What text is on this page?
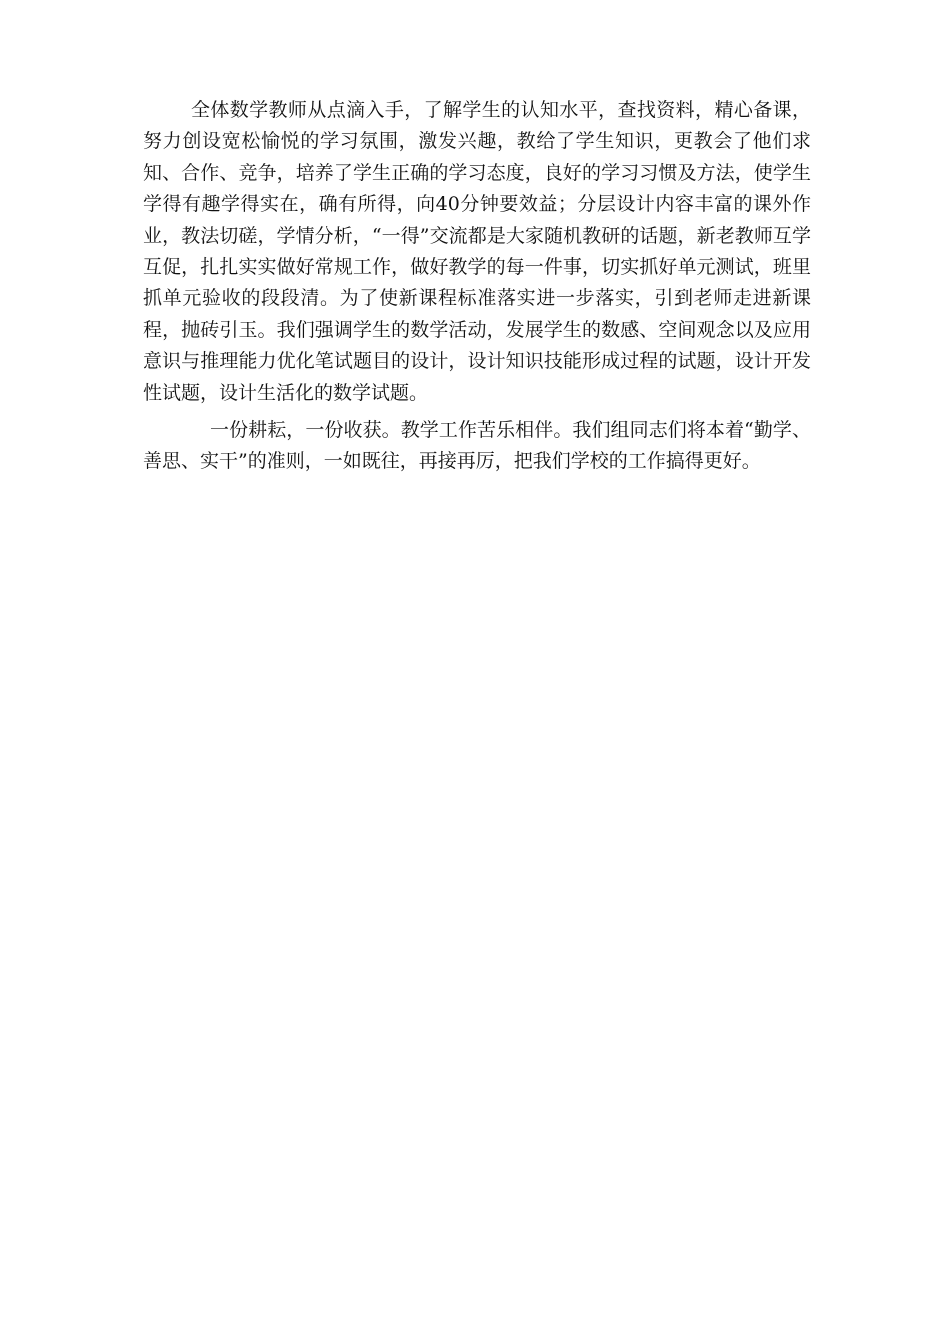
全体数学教师从点滴入手，了解学生的认知水平，查找资料，精心备课，努力创设宽松愉悦的学习氛围，激发兴趣，教给了学生知识，更教会了他们求知、合作、竞争，培养了学生正确的学习态度，良好的学习习惯及方法，使学生学得有趣学得实在，确有所得，向40分钟要效益；分层设计内容丰富的课外作业，教法切磋，学情分析，“一得”交流都是大家随机教研的话题，新老教师互学互促，扎扎实实做好常规工作，做好教学的每一件事，切实抓好单元测试，班里抓单元验收的段段清。为了使新课程标准落实进一步落实，引到老师走进新课程，抛砖引玉。我们强调学生的数学活动，发展学生的数感、空间观念以及应用意识与推理能力优化笔试题目的设计，设计知识技能形成过程的试题，设计开发性试题，设计生活化的数学试题。

一份耕耘，一份收获。教学工作苦乐相伴。我们组同志们将本着“勤学、善思、实干”的准则，一如既往，再接再厉，把我们学校的工作搞得更好。
